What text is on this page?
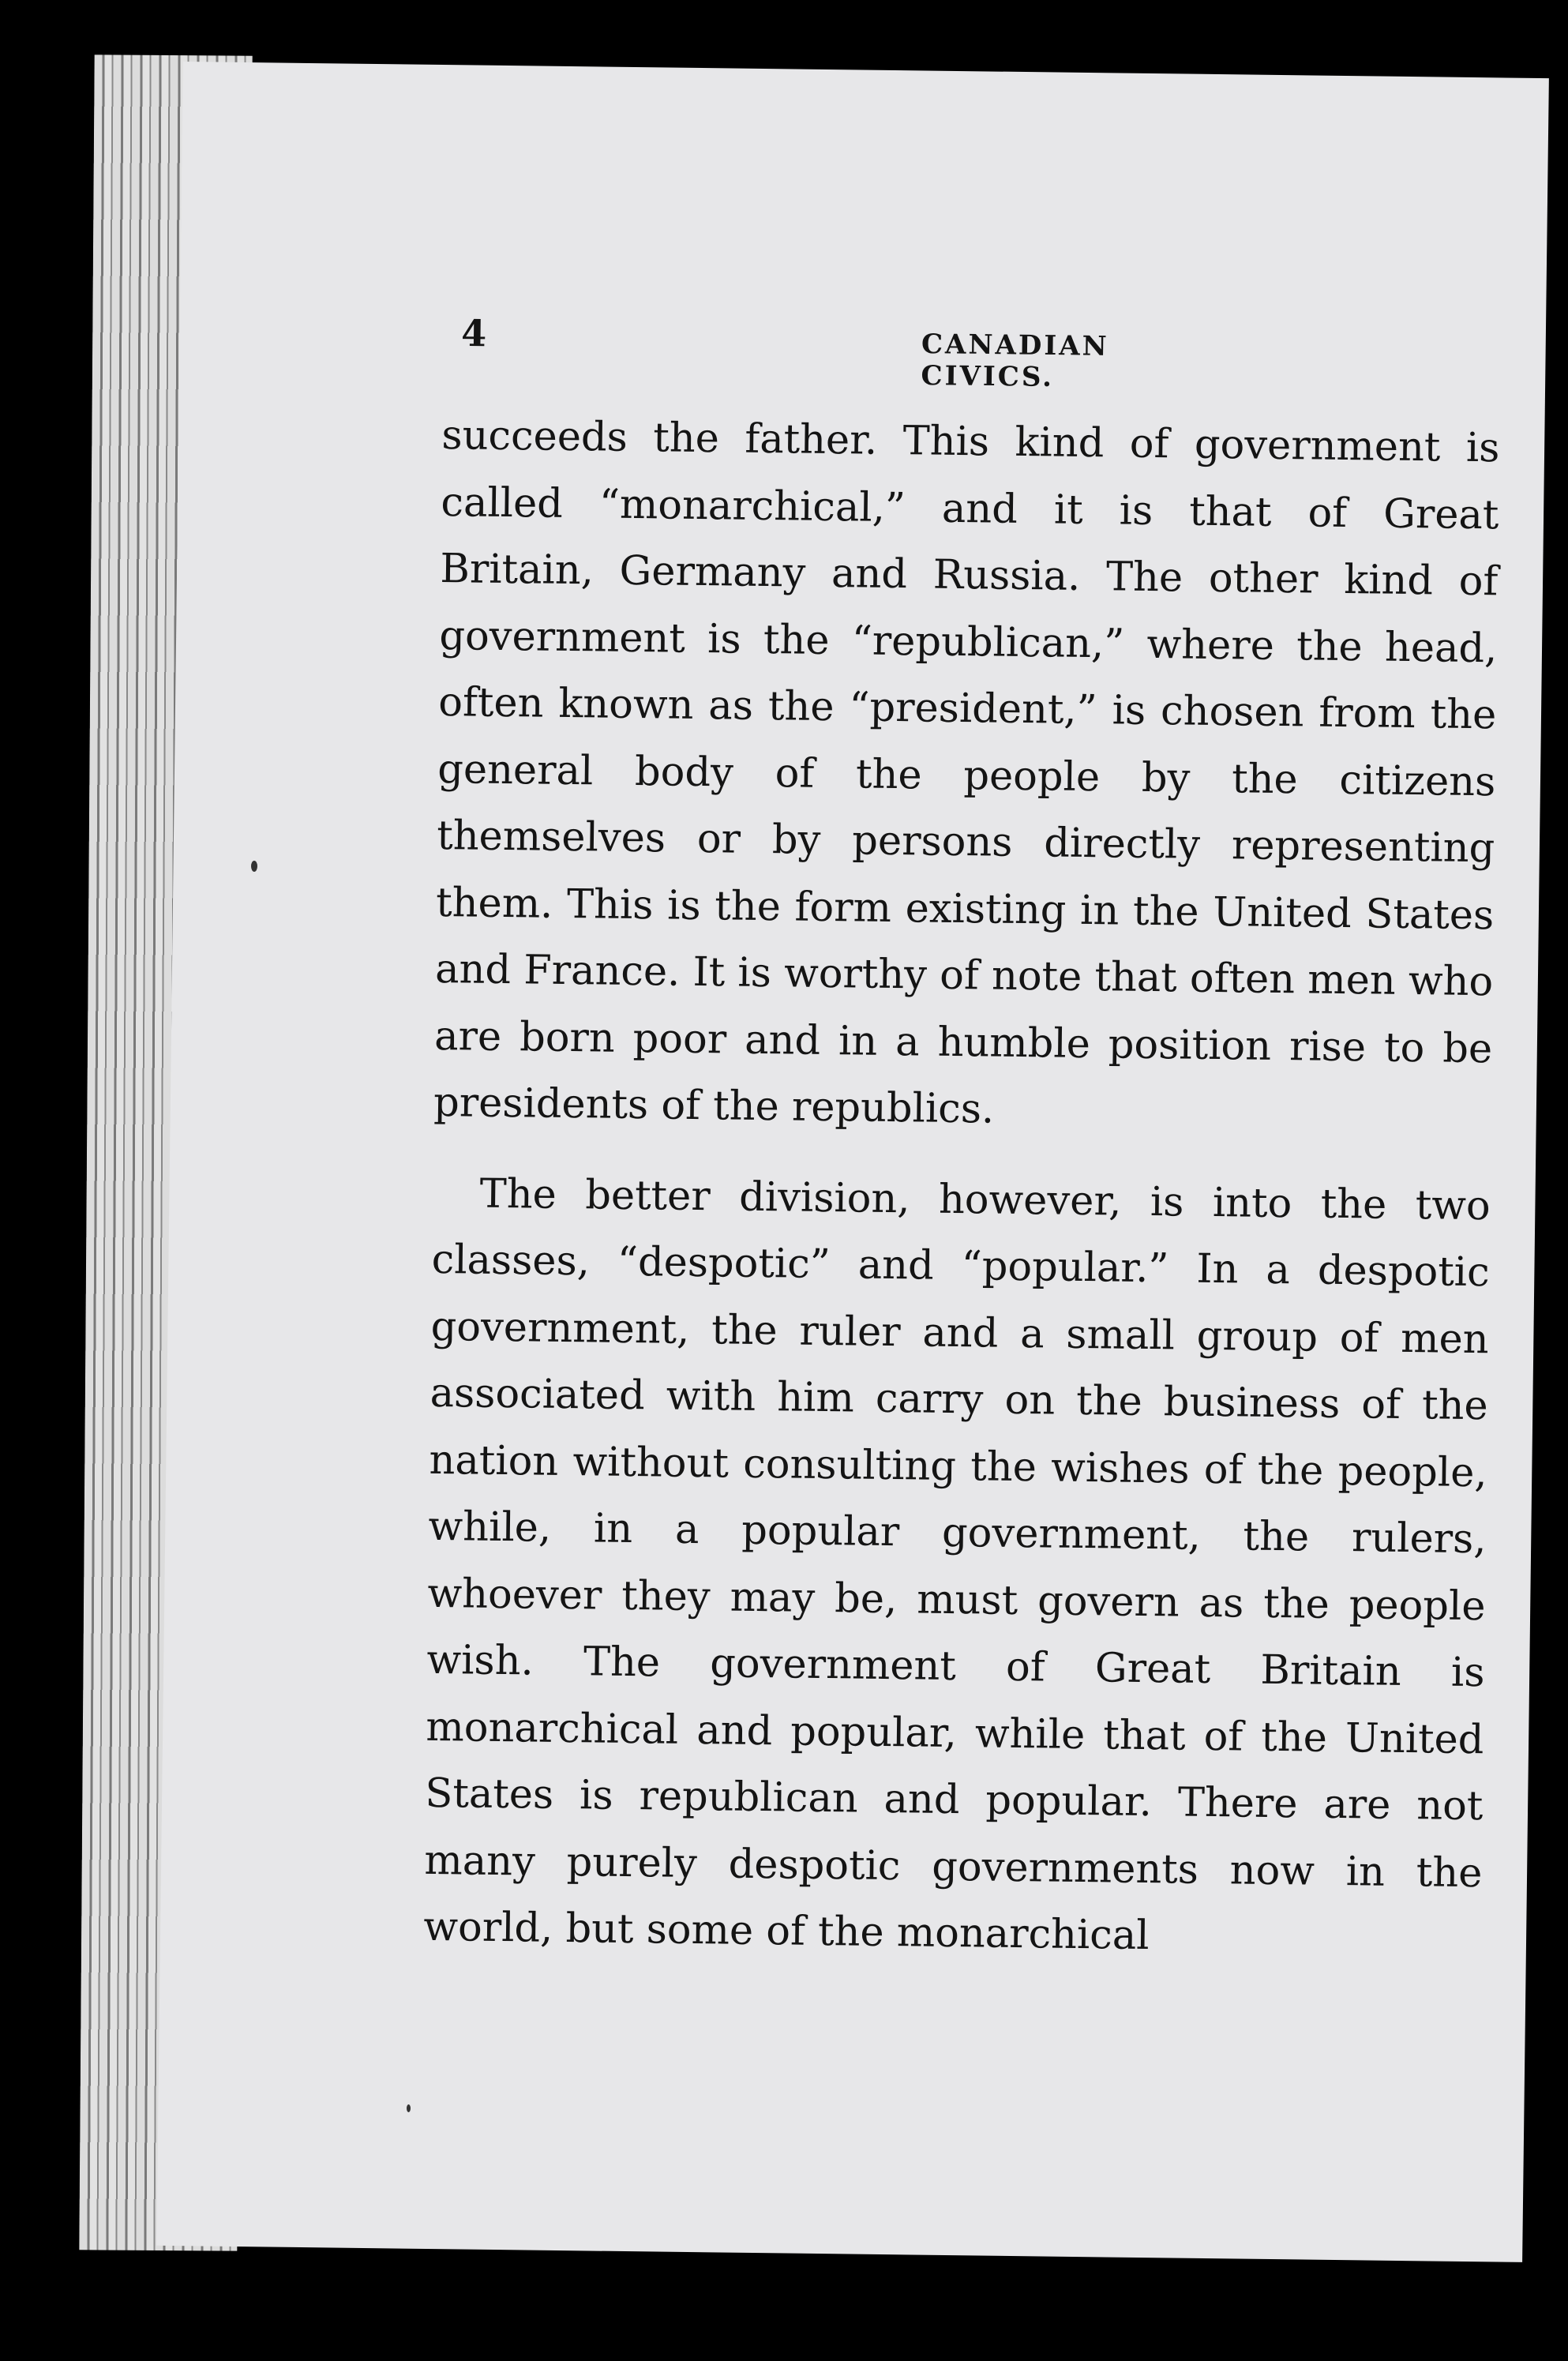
4	CANADIAN CIVICS.

succeeds the father. This kind of government is called “monarchical,” and it is that of Great Britain, Germany and Russia. The other kind of government is the “republican,” where the head, often known as the “president,” is chosen from the general body of the people by the citizens themselves or by persons directly representing them. This is the form existing in the United States and France. It is worthy of note that often men who are born poor and in a humble position rise to be presidents of the republics.

The better division, however, is into the two classes, “despotic” and “popular.” In a despotic government, the ruler and a small group of men associated with him carry on the business of the nation without consulting the wishes of the people, while, in a popular government, the rulers, whoever they may be, must govern as the people wish. The government of Great Britain is monarchical and popular, while that of the United States is republican and popular. There are not many purely despotic governments now in the world, but some of the monarchical
